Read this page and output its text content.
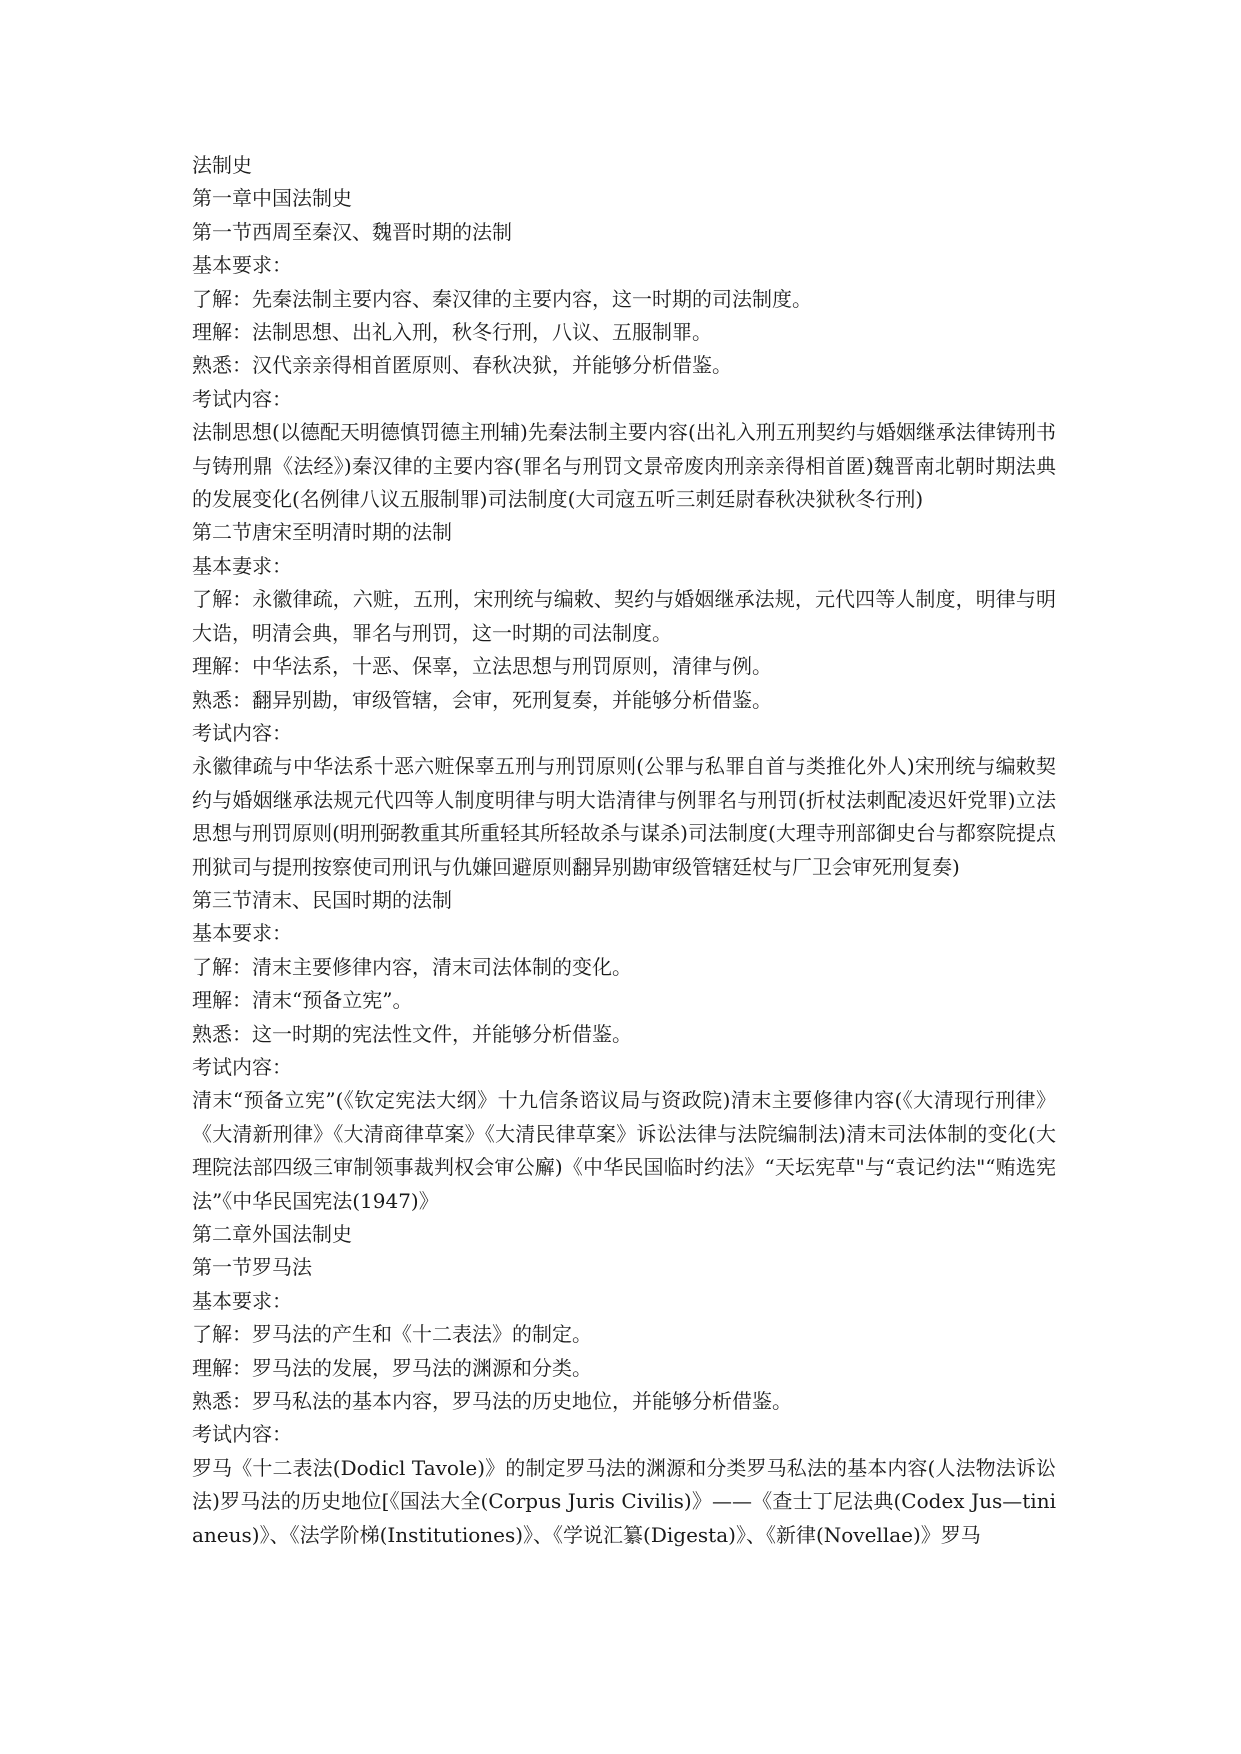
法制史

第一章中国法制史

第一节西周至秦汉、魏晋时期的法制

基本要求：

了解：先秦法制主要内容、秦汉律的主要内容，这一时期的司法制度。

理解：法制思想、出礼入刑，秋冬行刑，八议、五服制罪。

熟悉：汉代亲亲得相首匿原则、春秋决狱，并能够分析借鉴。

考试内容：

法制思想(以德配天明德慎罚德主刑辅)先秦法制主要内容(出礼入刑五刑契约与婚姻继承法律铸刑书与铸刑鼎《法经》)秦汉律的主要内容(罪名与刑罚文景帝废肉刑亲亲得相首匿)魏晋南北朝时期法典的发展变化(名例律八议五服制罪)司法制度(大司寇五听三刺廷尉春秋决狱秋冬行刑)

第二节唐宋至明清时期的法制

基本妻求：

了解：永徽律疏，六赃，五刑，宋刑统与编敕、契约与婚姻继承法规，元代四等人制度，明律与明大诰，明清会典，罪名与刑罚，这一时期的司法制度。

理解：中华法系，十恶、保辜，立法思想与刑罚原则，清律与例。

熟悉：翻异别勘，审级管辖，会审，死刑复奏，并能够分析借鉴。

考试内容：

永徽律疏与中华法系十恶六赃保辜五刑与刑罚原则(公罪与私罪自首与类推化外人)宋刑统与编敕契约与婚姻继承法规元代四等人制度明律与明大诰清律与例罪名与刑罚(折杖法刺配凌迟奸党罪)立法思想与刑罚原则(明刑弼教重其所重轻其所轻故杀与谋杀)司法制度(大理寺刑部御史台与都察院提点刑狱司与提刑按察使司刑讯与仇嫌回避原则翻异别勘审级管辖廷杖与厂卫会审死刑复奏)

第三节清末、民国时期的法制

基本要求：

了解：清末主要修律内容，清末司法体制的变化。

理解：清末“预备立宪”。

熟悉：这一时期的宪法性文件，并能够分析借鉴。

考试内容：

清末“预备立宪”(《钦定宪法大纲》十九信条谘议局与资政院)清末主要修律内容(《大清现行刑律》《大清新刑律》《大清商律草案》《大清民律草案》诉讼法律与法院编制法)清末司法体制的变化(大理院法部四级三审制领事裁判权会审公廨)《中华民国临时约法》“天坛宪草"与“袁记约法"“贿选宪法”《中华民国宪法(1947)》

第二章外国法制史

第一节罗马法

基本要求：

了解：罗马法的产生和《十二表法》的制定。

理解：罗马法的发展，罗马法的渊源和分类。

熟悉：罗马私法的基本内容，罗马法的历史地位，并能够分析借鉴。

考试内容：

罗马《十二表法(Dodicl Tavole)》的制定罗马法的渊源和分类罗马私法的基本内容(人法物法诉讼法)罗马法的历史地位[《国法大全(Corpus Juris Civilis)》——《查士丁尼法典(Codex Jus—tinianeus)》、《法学阶梯(Institutiones)》、《学说汇纂(Digesta)》、《新律(Novellae)》罗马
